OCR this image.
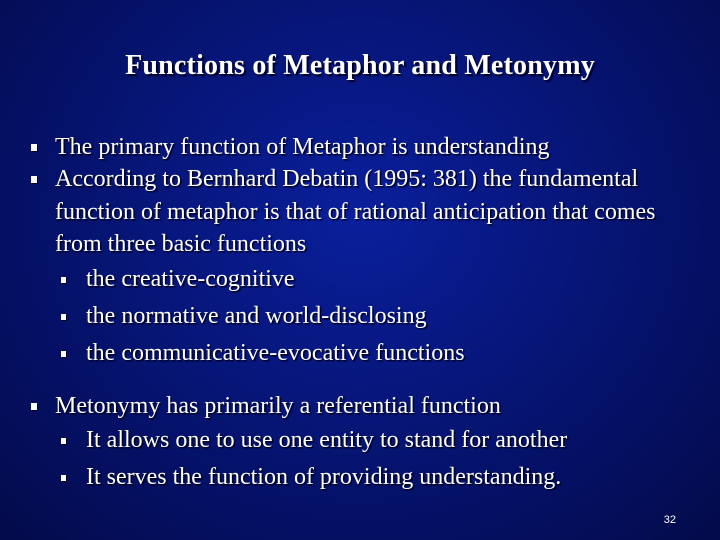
Functions of Metaphor and Metonymy
The primary function of Metaphor is understanding
According to Bernhard Debatin (1995: 381) the fundamental function of metaphor is that of rational anticipation that comes from three basic functions
the creative-cognitive
the normative and world-disclosing
the communicative-evocative functions
Metonymy has primarily a referential function
It allows one to use one entity to stand for another
It serves the function of providing understanding.
32
